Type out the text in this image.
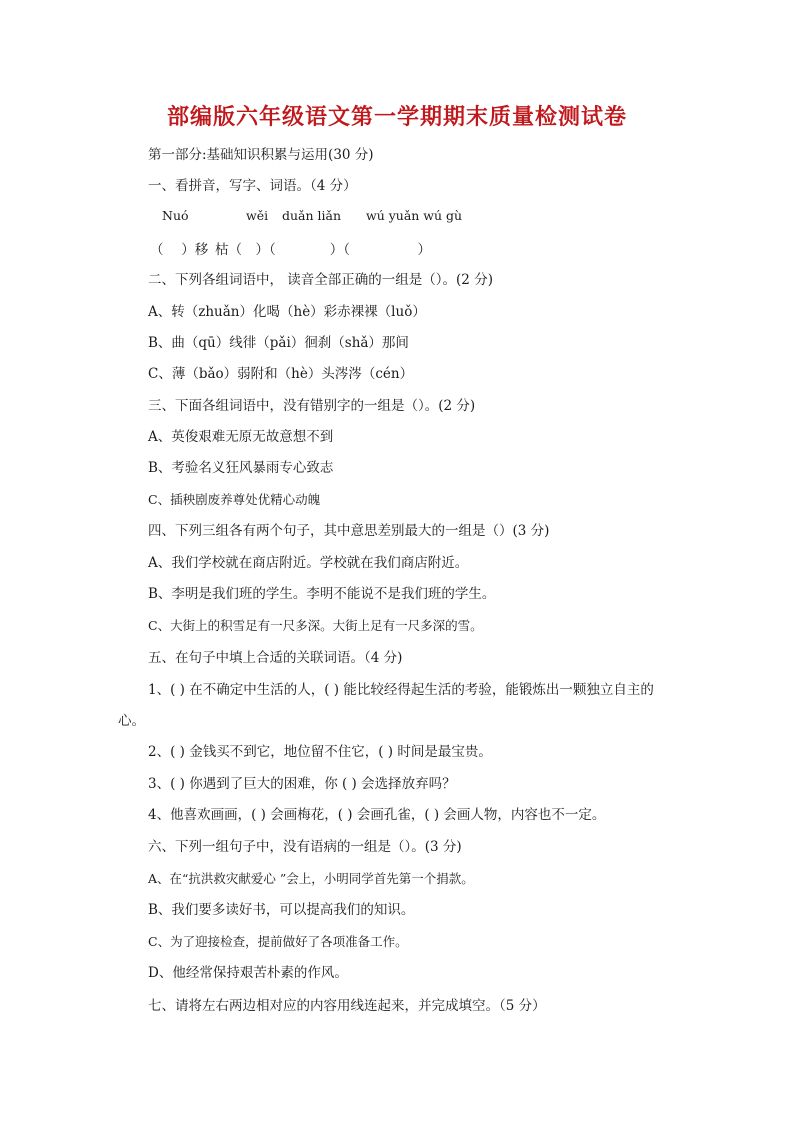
部编版六年级语文第一学期期末质量检测试卷
第一部分:基础知识积累与运用(30 分)
一、看拼音，写字、词语。（4 分）
Nuó	wěi duǎn liǎn wú yuǎn wú gù
（　 ）移 枯（　）（　　　　）（　　　　　）
二、下列各组词语中， 读音全部正确的一组是（）。(2 分)
A、转（zhuǎn）化喝（hè）彩赤裸裸（luǒ）
B、曲（qū）线徘（pǎi）徊刹（shǎ）那间
C、薄（bǎo）弱附和（hè）头涔涔（cén）
三、下面各组词语中，没有错别字的一组是（）。(2 分)
A、英俊艰难无原无故意想不到
B、考验名义狂风暴雨专心致志
C、插秧剧废养尊处优精心动魄
四、下列三组各有两个句子，其中意思差别最大的一组是（）(3 分)
A、我们学校就在商店附近。学校就在我们商店附近。
B、李明是我们班的学生。李明不能说不是我们班的学生。
C、大街上的积雪足有一尺多深。大街上足有一尺多深的雪。
五、在句子中填上合适的关联词语。（4 分)
1、( ) 在不确定中生活的人，( ) 能比较经得起生活的考验，能锻炼出一颗独立自主的
心。
2、( ) 金钱买不到它，地位留不住它，( ) 时间是最宝贵。
3、( ) 你遇到了巨大的困难，你 ( ) 会选择放弃吗？
4、他喜欢画画，( ) 会画梅花，( ) 会画孔雀，( ) 会画人物，内容也不一定。
六、下列一组句子中，没有语病的一组是（）。(3 分)
A、在“抗洪救灾献爱心 ”会上，小明同学首先第一个捐款。
B、我们要多读好书，可以提高我们的知识。
C、为了迎接检查，提前做好了各项准备工作。
D、他经常保持艰苦朴素的作风。
七、请将左右两边相对应的内容用线连起来，并完成填空。（5 分）
